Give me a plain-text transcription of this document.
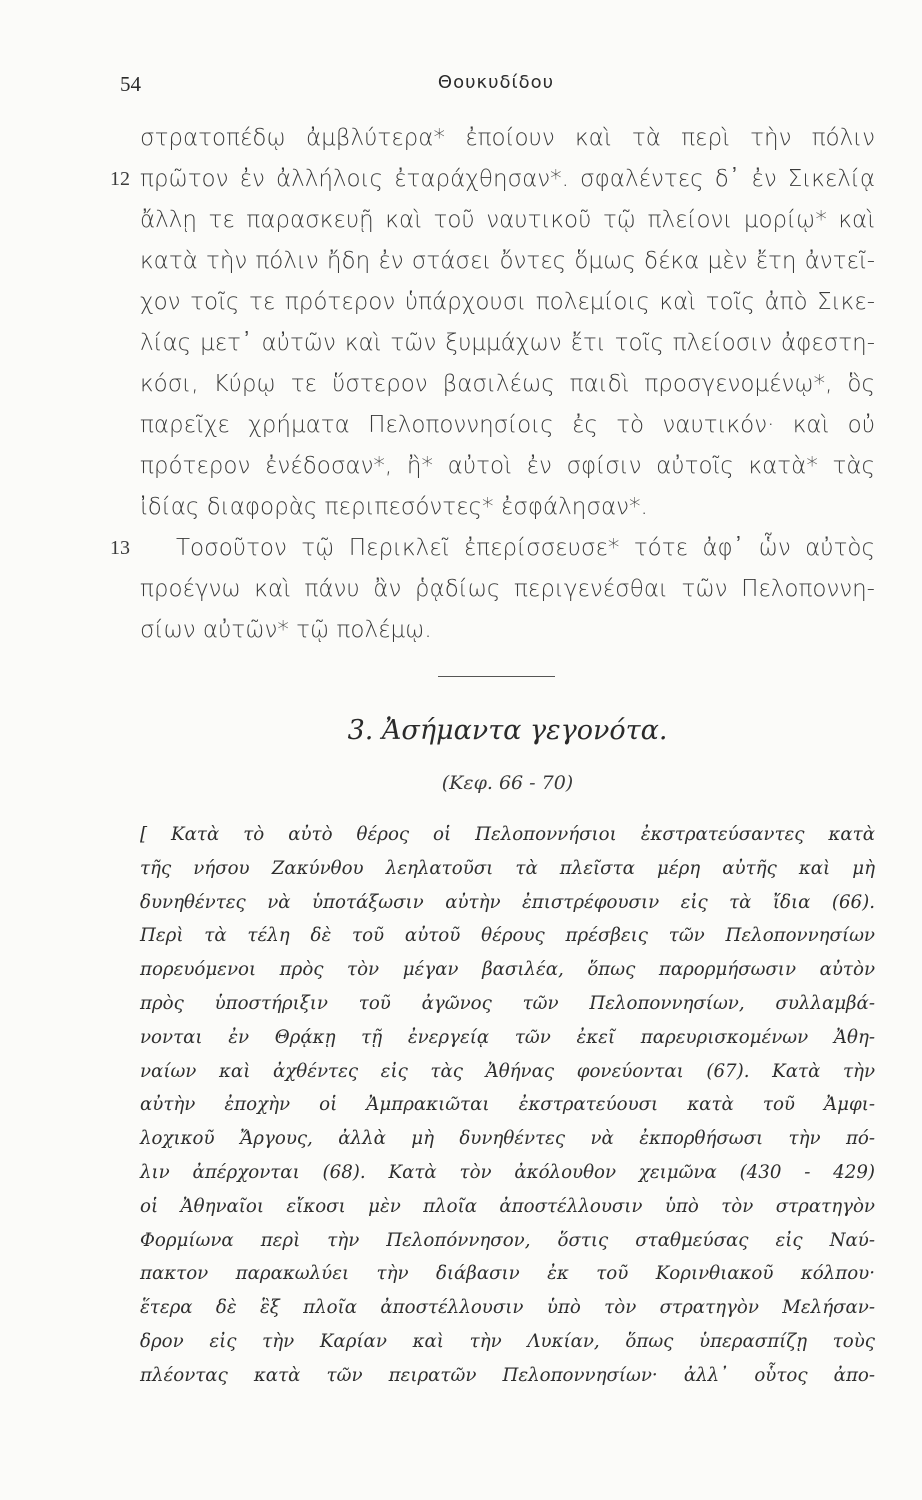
54	Θουκυδίδου
στρατοπέδῳ ἀμβλύτερα* ἐποίουν καὶ τὰ περὶ τὴν πόλιν
12 πρῶτον ἐν ἀλλήλοις ἐταράχθησαν*. σφαλέντες δ᾽ ἐν Σικελίᾳ
ἄλλῃ τε παρασκευῇ καὶ τοῦ ναυτικοῦ τῷ πλείονι μορίῳ* καὶ
κατὰ τὴν πόλιν ἤδη ἐν στάσει ὄντες ὅμως δέκα μὲν ἔτη ἀντεῖ-
χον τοῖς τε πρότερον ὑπάρχουσι πολεμίοις καὶ τοῖς ἀπὸ Σικε-
λίας μετ᾽ αὐτῶν καὶ τῶν ξυμμάχων ἔτι τοῖς πλείοσιν ἀφεστη-
κόσι, Κύρῳ τε ὕστερον βασιλέως παιδὶ προσγενομένῳ*, ὃς
παρεῖχε χρήματα Πελοποννησίοις ἐς τὸ ναυτικόν· καὶ οὐ
πρότερον ἐνέδοσαν*, ἢ* αὐτοὶ ἐν σφίσιν αὐτοῖς κατὰ* τὰς
ἰδίας διαφορὰς περιπεσόντες* ἐσφάλησαν*.
13 Τοσοῦτον τῷ Περικλεῖ ἐπερίσσευσε* τότε ἀφ᾽ ὧν αὐτὸς
προέγνω καὶ πάνυ ἂν ῥᾳδίως περιγενέσθαι τῶν Πελοποννη-
σίων αὐτῶν* τῷ πολέμῳ.
3. Ἀσήμαντα γεγονότα.
(Κεφ. 66 - 70)
[ Κατὰ τὸ αὐτὸ θέρος οἱ Πελοποννήσιοι ἐκστρατεύσαντες κατὰ
τῆς νήσου Ζακύνθου λεηλατοῦσι τὰ πλεῖστα μέρη αὐτῆς καὶ μὴ
δυνηθέντες νὰ ὑποτάξωσιν αὐτὴν ἐπιστρέφουσιν εἰς τὰ ἴδια (66).
Περὶ τὰ τέλη δὲ τοῦ αὐτοῦ θέρους πρέσβεις τῶν Πελοποννησίων
πορευόμενοι πρὸς τὸν μέγαν βασιλέα, ὅπως παρορμήσωσιν αὐτὸν
πρὸς ὑποστήριξιν τοῦ ἀγῶνος τῶν Πελοποννησίων, συλλαμβά-
νονται ἐν Θρᾴκῃ τῇ ἐνεργείᾳ τῶν ἐκεῖ παρευρισκομένων Ἀθη-
ναίων καὶ ἀχθέντες εἰς τὰς Ἀθήνας φονεύονται (67). Κατὰ τὴν
αὐτὴν ἐποχὴν οἱ Ἀμπρακιῶται ἐκστρατεύουσι κατὰ τοῦ Ἀμφι-
λοχικοῦ Ἄργους, ἀλλὰ μὴ δυνηθέντες νὰ ἐκπορθήσωσι τὴν πό-
λιν ἀπέρχονται (68). Κατὰ τὸν ἀκόλουθον χειμῶνα (430 - 429)
οἱ Ἀθηναῖοι εἴκοσι μὲν πλοῖα ἀποστέλλουσιν ὑπὸ τὸν στρατηγὸν
Φορμίωνα περὶ τὴν Πελοπόννησον, ὅστις σταθμεύσας εἰς Ναύ-
πακτον παρακωλύει τὴν διάβασιν ἐκ τοῦ Κορινθιακοῦ κόλπου·
ἕτερα δὲ ἓξ πλοῖα ἀποστέλλουσιν ὑπὸ τὸν στρατηγὸν Μελήσαν-
δρον εἰς τὴν Καρίαν καὶ τὴν Λυκίαν, ὅπως ὑπερασπίζῃ τοὺς
πλέοντας κατὰ τῶν πειρατῶν Πελοποννησίων· ἀλλ᾽ οὗτος ἀπο-
